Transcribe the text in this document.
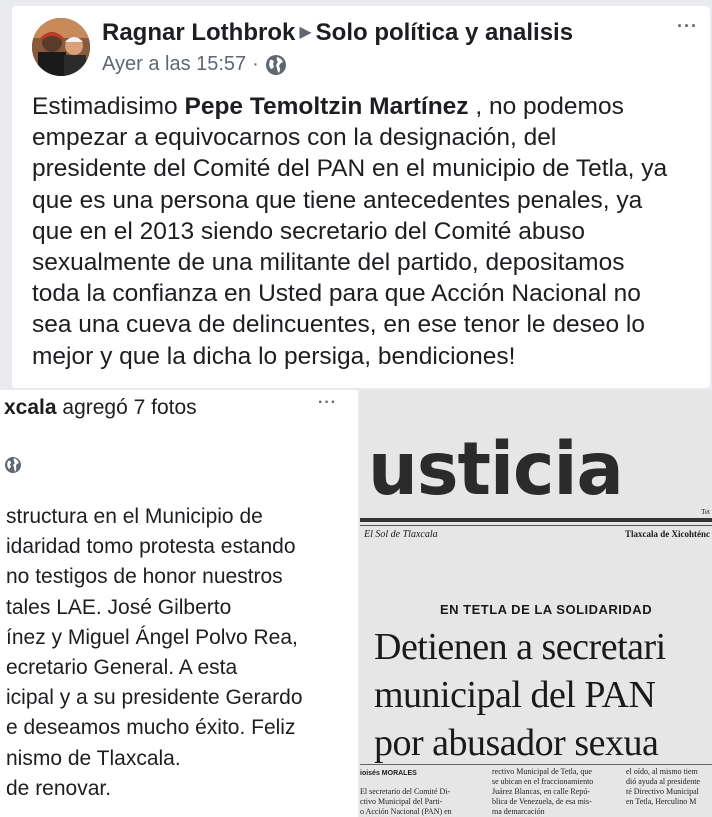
Ragnar Lothbrok ▶ Solo política y analisis
Ayer a las 15:57 ·
···
Estimadisimo Pepe Temoltzin Martínez , no podemos
empezar a equivocarnos con la designación, del
presidente del Comité del PAN en el municipio de Tetla, ya
que es una persona que tiene antecedentes penales, ya
que en el 2013 siendo secretario del Comité abuso
sexualmente de una militante del partido, depositamos
toda la confianza en Usted para que Acción Nacional no
sea una cueva de delincuentes, en ese tenor le deseo lo
mejor y que la dicha lo persiga, bendiciones!
xcala agregó 7 fotos	···
structura en el Municipio de
idaridad tomo protesta estando
no testigos de honor nuestros
tales LAE. José Gilberto
ínez y Miguel Ángel Polvo Rea,
ecretario General. A esta
icipal y a su presidente Gerardo
e deseamos mucho éxito. Feliz
nismo de Tlaxcala.
de renovar.
usticia	Tet
El Sol de Tlaxcala	Tlaxcala de Xicohténc
EN TETLA DE LA SOLIDARIDAD
Detienen a secretari
municipal del PAN
por abusador sexua
ioisés MORALES
El secretario del Comité Di-
ctivo Municipal del Parti-
o Acción Nacional (PAN) en
rectivo Municipal de Tetla, que
se ubican en el fraccionamiento
Juárez Blancas, en calle Repú-
blica de Venezuela, de esa mis-
ma demarcación
el oído, al mismo tiem
dió ayuda al presidente
té Directivo Municipal
en Tetla, Herculino M
